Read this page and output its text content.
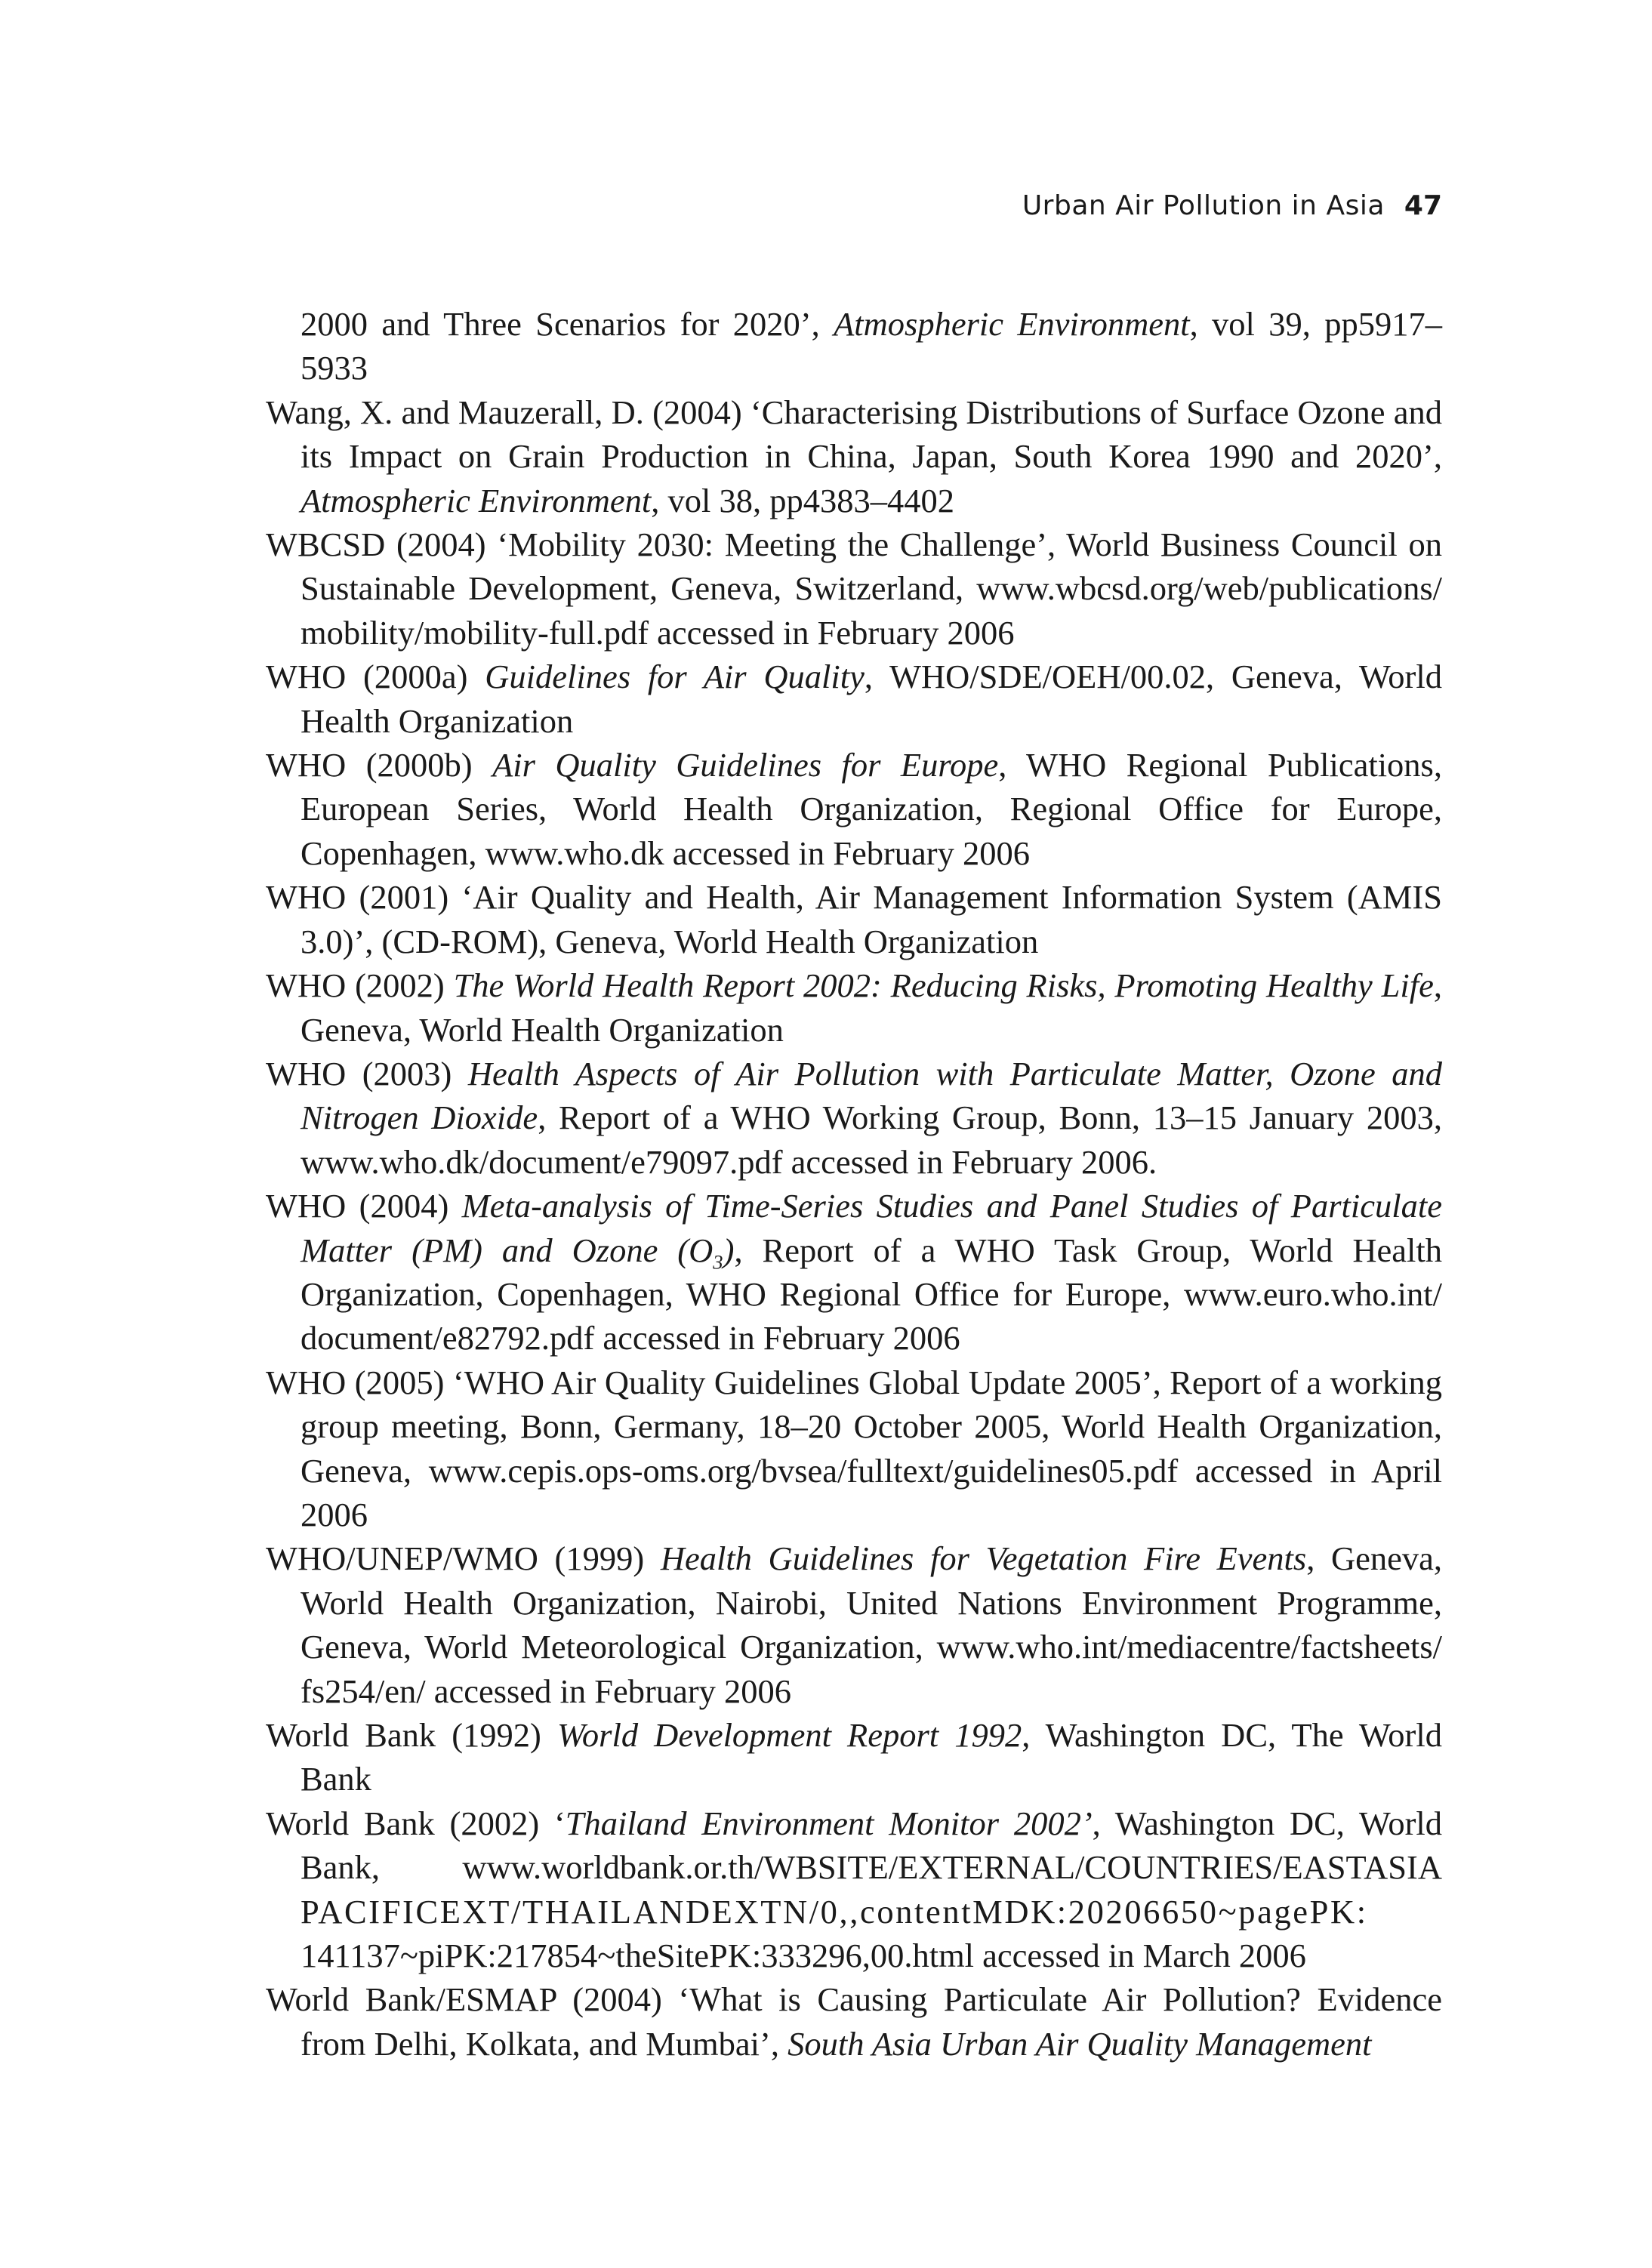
Urban Air Pollution in Asia 47

2000 and Three Scenarios for 2020’, Atmospheric Environment, vol 39, pp5917–5933

Wang, X. and Mauzerall, D. (2004) ‘Characterising Distributions of Surface Ozone and its Impact on Grain Production in China, Japan, South Korea 1990 and 2020’, Atmospheric Environment, vol 38, pp4383–4402

WBCSD (2004) ‘Mobility 2030: Meeting the Challenge’, World Business Council on Sustainable Development, Geneva, Switzerland, www.wbcsd.org/web/publications/ mobility/mobility-full.pdf accessed in February 2006

WHO (2000a) Guidelines for Air Quality, WHO/SDE/OEH/00.02, Geneva, World Health Organization

WHO (2000b) Air Quality Guidelines for Europe, WHO Regional Publications, European Series, World Health Organization, Regional Office for Europe, Copenhagen, www.who.dk accessed in February 2006

WHO (2001) ‘Air Quality and Health, Air Management Information System (AMIS 3.0)’, (CD-ROM), Geneva, World Health Organization

WHO (2002) The World Health Report 2002: Reducing Risks, Promoting Healthy Life, Geneva, World Health Organization

WHO (2003) Health Aspects of Air Pollution with Particulate Matter, Ozone and Nitrogen Dioxide, Report of a WHO Working Group, Bonn, 13–15 January 2003, www.who.dk/document/e79097.pdf accessed in February 2006.

WHO (2004) Meta-analysis of Time-Series Studies and Panel Studies of Particulate Matter (PM) and Ozone $(O_3)$, Report of a WHO Task Group, World Health Organization, Copenhagen, WHO Regional Office for Europe, www.euro.who.int/ document/e82792.pdf accessed in February 2006

WHO (2005) ‘WHO Air Quality Guidelines Global Update 2005’, Report of a working group meeting, Bonn, Germany, 18–20 October 2005, World Health Organization, Geneva, www.cepis.ops-oms.org/bvsea/fulltext/guidelines05.pdf accessed in April 2006

WHO/UNEP/WMO (1999) Health Guidelines for Vegetation Fire Events, Geneva, World Health Organization, Nairobi, United Nations Environment Programme, Geneva, World Meteorological Organization, www.who.int/mediacentre/factsheets/ fs254/en/ accessed in February 2006

World Bank (1992) World Development Report 1992, Washington DC, The World Bank

World Bank (2002) ‘Thailand Environment Monitor 2002’, Washington DC, World Bank, www.worldbank.or.th/WBSITE/EXTERNAL/COUNTRIES/EASTASIA PACIFICEXT/THAILANDEXTN/0,,contentMDK:20206650~pagePK: 141137~piPK:217854~theSitePK:333296,00.html accessed in March 2006

World Bank/ESMAP (2004) ‘What is Causing Particulate Air Pollution? Evidence from Delhi, Kolkata, and Mumbai’, South Asia Urban Air Quality Management
